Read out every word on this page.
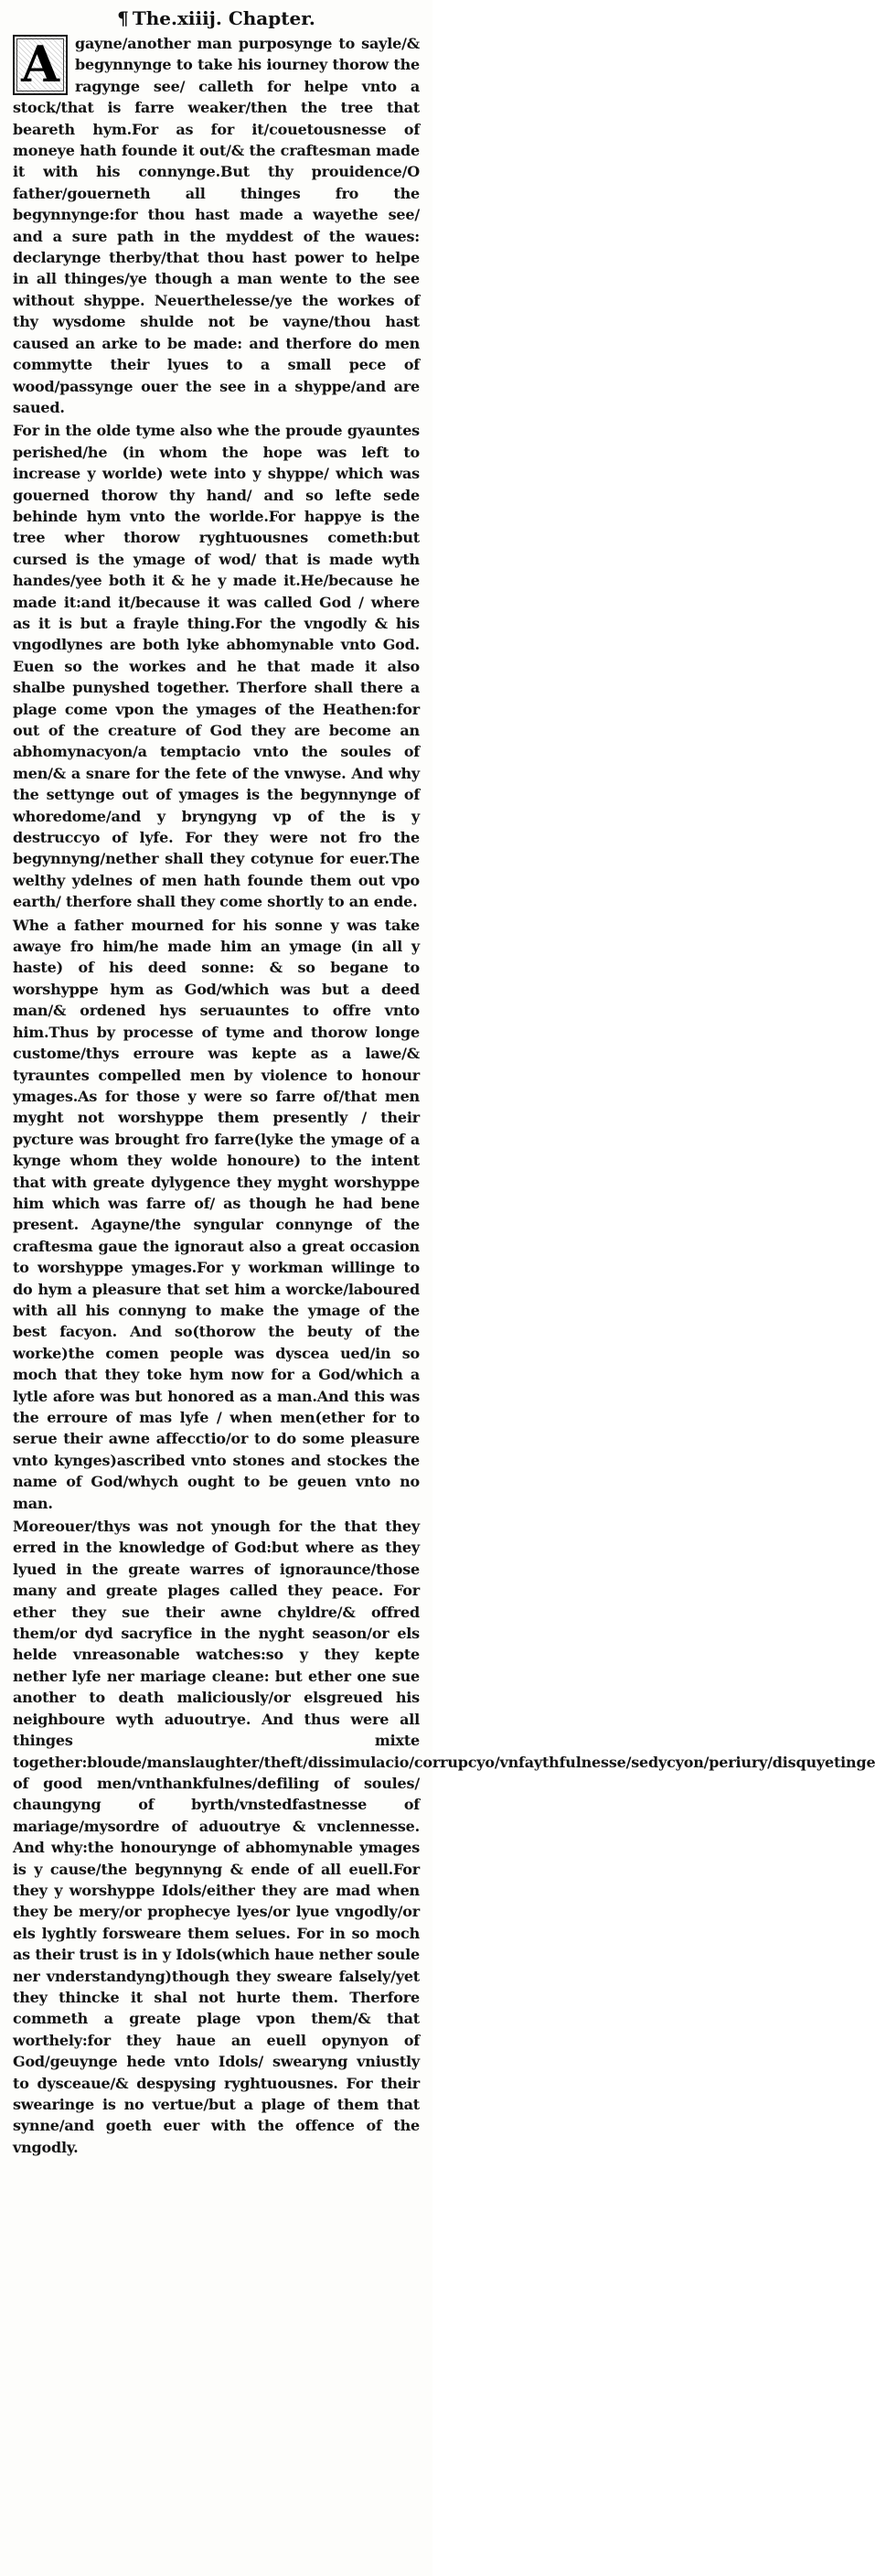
¶ The.xiiij. Chapter.

A	gayne/another man purposynge to sayle/& begynnynge to take his iourney thorow the ragynge see/ calleth for helpe vnto a stock/that is farre weaker/then the tree that beareth hym.For as for it/couetousnesse of moneye hath founde it out/& the craftesman made it with his connynge.But thy prouidence/O father/gouerneth all thinges fro the begynnynge:for thou hast made a wayethe see/ and a sure path in the myddest of the waues: declarynge therby/that thou hast power to helpe in all thinges/ye though a man wente to the see without shyppe. Neuerthelesse/ye the workes of thy wysdome shulde not be vayne/thou hast caused an arke to be made: and therfore do men commytte their lyues to a small pece of wood/passynge ouer the see in a shyppe/and are saued.

For in the olde tyme also whe the proude gyauntes perished/he (in whom the hope was left to increase y worlde) wete into y shyppe/ which was gouerned thorow thy hand/ and so lefte sede behinde hym vnto the worlde.For happye is the tree wher thorow ryghtuousnes cometh:but cursed is the ymage of wod/ that is made wyth handes/yee both it & he y made it.He/because he made it:and it/because it was called God / where as it is but a frayle thing.For the vngodly & his vngodlynes are both lyke abhomynable vnto God. Euen so the workes and he that made it also shalbe punyshed together. Therfore shall there a plage come vpon the ymages of the Heathen:for out of the creature of God they are become an abhomynacyon/a temptacio vnto the soules of men/& a snare for the fete of the vnwyse. And why the settynge out of ymages is the begynnynge of whoredome/and y bryngyng vp of the is y destruccyo of lyfe. For they were not fro the begynnyng/nether shall they cotynue for euer.The welthy ydelnes of men hath founde them out vpo earth/ therfore shall they come shortly to an ende.

Whe a father mourned for his sonne y was take awaye fro him/he made him an ymage (in all y haste) of his deed sonne: & so begane to worshyppe hym as God/which was but a deed man/& ordened hys seruauntes to offre vnto him.Thus by processe of tyme and thorow longe custome/thys erroure was kepte as a lawe/& tyrauntes compelled men by violence to honour ymages.As for those y were so farre of/that men myght not worshyppe them presently / their pycture was brought fro farre(lyke the ymage of a kynge whom they wolde honoure) to the intent that with greate dylygence they myght worshyppe him which was farre of/ as though he had bene present. Agayne/the syngular connynge of the craftesma gaue the ignoraut also a great occasion to worshyppe ymages.For y workman willinge to do hym a pleasure that set him a worcke/laboured with all his connyng to make the ymage of the best facyon. And so(thorow the beuty of the worke)the comen people was dyscea ued/in so moch that they toke hym now for a God/which a lytle afore was but honored as a man.And this was the erroure of mas lyfe / when men(ether for to serue their awne affecctio/or to do some pleasure vnto kynges)ascribed vnto stones and stockes the name of God/whych ought to be geuen vnto no man.

Moreouer/thys was not ynough for the that they erred in the knowledge of God:but where as they lyued in the greate warres of ignoraunce/those many and greate plages called they peace. For ether they sue their awne chyldre/& offred them/or dyd sacryfice in the nyght season/or els helde vnreasonable watches:so y they kepte nether lyfe ner mariage cleane: but ether one sue another to death maliciously/or elsgreued his neighboure wyth aduoutrye. And thus were all thinges mixte together:bloude/manslaughter/theft/dissimulacio/corrupcyo/vnfaythfulnesse/sedycyon/periury/disquyetinge of good men/vnthankfulnes/defiling of soules/ chaungyng of byrth/vnstedfastnesse of mariage/mysordre of aduoutrye & vnclennesse. And why:the honourynge of abhomynable ymages is y cause/the begynnyng & ende of all euell.For they y worshyppe Idols/either they are mad when they be mery/or prophecye lyes/or lyue vngodly/or els lyghtly forsweare them selues. For in so moch as their trust is in y Idols(which haue nether soule ner vnderstandyng)though they sweare falsely/yet they thincke it shal not hurte them. Therfore commeth a greate plage vpon them/& that worthely:for they haue an euell opynyon of God/geuynge hede vnto Idols/ swearyng vniustly to dysceaue/& despysing ryghtuousnes. For their swearinge is no vertue/but a plage of them that synne/and goeth euer with the offence of the vngodly.
